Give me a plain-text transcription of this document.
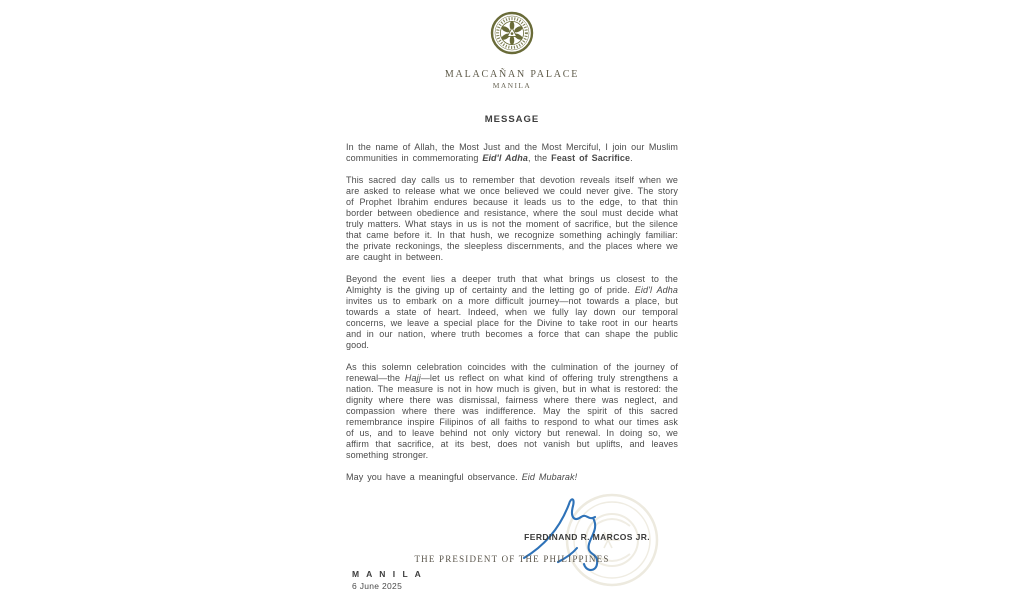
MALACAÑAN PALACE
MANILA
MESSAGE

In the name of Allah, the Most Just and the Most Merciful, I join our Muslim communities in commemorating Eid'l Adha, the Feast of Sacrifice.

This sacred day calls us to remember that devotion reveals itself when we are asked to release what we once believed we could never give. The story of Prophet Ibrahim endures because it leads us to the edge, to that thin border between obedience and resistance, where the soul must decide what truly matters. What stays in us is not the moment of sacrifice, but the silence that came before it. In that hush, we recognize something achingly familiar: the private reckonings, the sleepless discernments, and the places where we are caught in between.

Beyond the event lies a deeper truth that what brings us closest to the Almighty is the giving up of certainty and the letting go of pride. Eid'l Adha invites us to embark on a more difficult journey—not towards a place, but towards a state of heart. Indeed, when we fully lay down our temporal concerns, we leave a special place for the Divine to take root in our hearts and in our nation, where truth becomes a force that can shape the public good.

As this solemn celebration coincides with the culmination of the journey of renewal—the Hajj—let us reflect on what kind of offering truly strengthens a nation. The measure is not in how much is given, but in what is restored: the dignity where there was dismissal, fairness where there was neglect, and compassion where there was indifference. May the spirit of this sacred remembrance inspire Filipinos of all faiths to respond to what our times ask of us, and to leave behind not only victory but renewal. In doing so, we affirm that sacrifice, at its best, does not vanish but uplifts, and leaves something stronger.

May you have a meaningful observance. Eid Mubarak!

FERDINAND R. MARCOS JR.
M A N I L A
6 June 2025
THE PRESIDENT OF THE PHILIPPINES
